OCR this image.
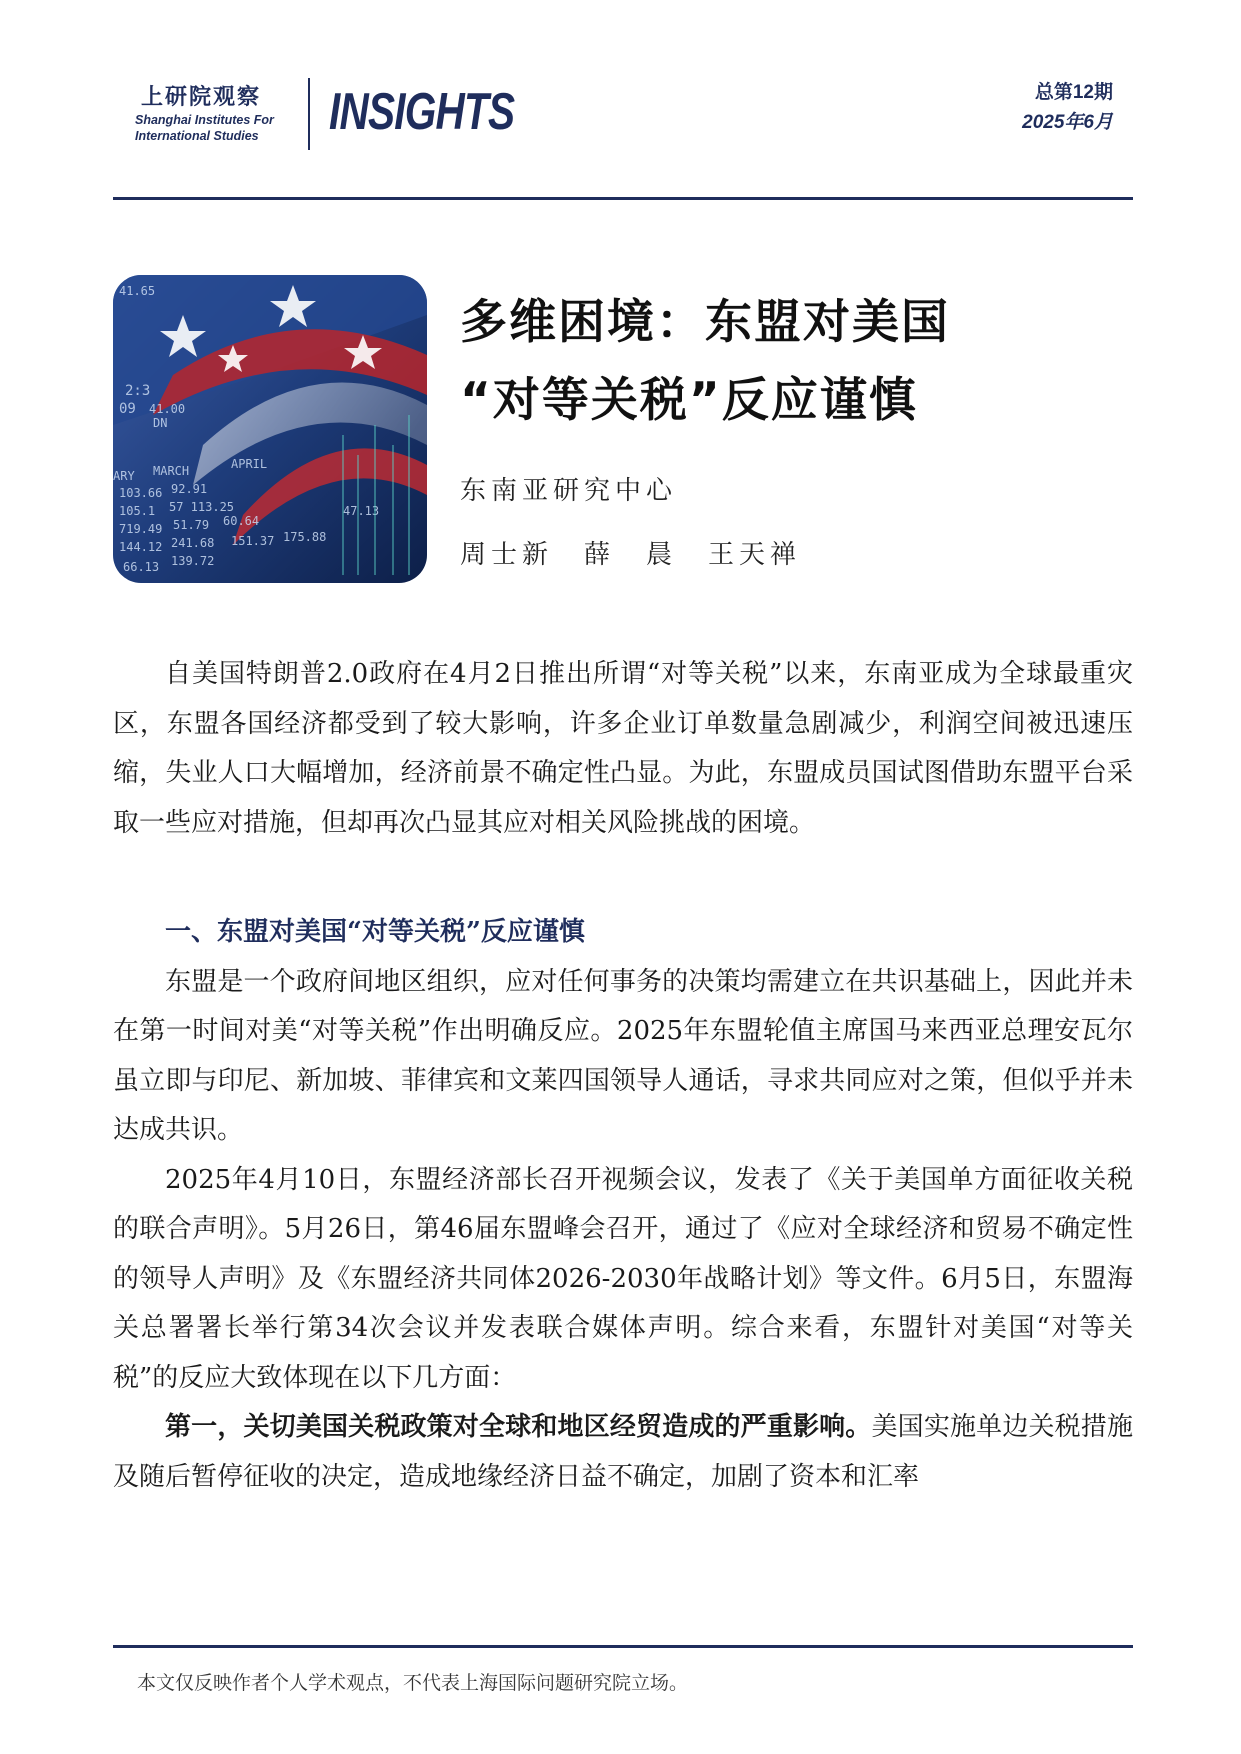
上研院观察
Shanghai Institutes For
International Studies INSIGHTS	总第12期
2025年6月
41.65
2:3
09 41.00
DN
ARY MARCH	APRIL
103.66 92.91
105.1 57 113.25
719.49 51.79 60.64
144.12 241.68
139.72
151.37 175.88
66.13
47.13
多维困境：东盟对美国
“对等关税”反应谨慎
东南亚研究中心
周士新　薛　晨　王天禅

自美国特朗普2.0政府在4月2日推出所谓“对等关税”以来，东南亚成为全球最重灾区，东盟各国经济都受到了较大影响，许多企业订单数量急剧减少，利润空间被迅速压缩，失业人口大幅增加，经济前景不确定性凸显。为此，东盟成员国试图借助东盟平台采取一些应对措施，但却再次凸显其应对相关风险挑战的困境。

一、东盟对美国“对等关税”反应谨慎

东盟是一个政府间地区组织，应对任何事务的决策均需建立在共识基础上，因此并未在第一时间对美“对等关税”作出明确反应。2025年东盟轮值主席国马来西亚总理安瓦尔虽立即与印尼、新加坡、菲律宾和文莱四国领导人通话，寻求共同应对之策，但似乎并未达成共识。

2025年4月10日，东盟经济部长召开视频会议，发表了《关于美国单方面征收关税的联合声明》。5月26日，第46届东盟峰会召开，通过了《应对全球经济和贸易不确定性的领导人声明》及《东盟经济共同体2026-2030年战略计划》等文件。6月5日，东盟海关总署署长举行第34次会议并发表联合媒体声明。综合来看，东盟针对美国“对等关税”的反应大致体现在以下几方面：

第一，关切美国关税政策对全球和地区经贸造成的严重影响。美国实施单边关税措施及随后暂停征收的决定，造成地缘经济日益不确定，加剧了资本和汇率

本文仅反映作者个人学术观点，不代表上海国际问题研究院立场。
